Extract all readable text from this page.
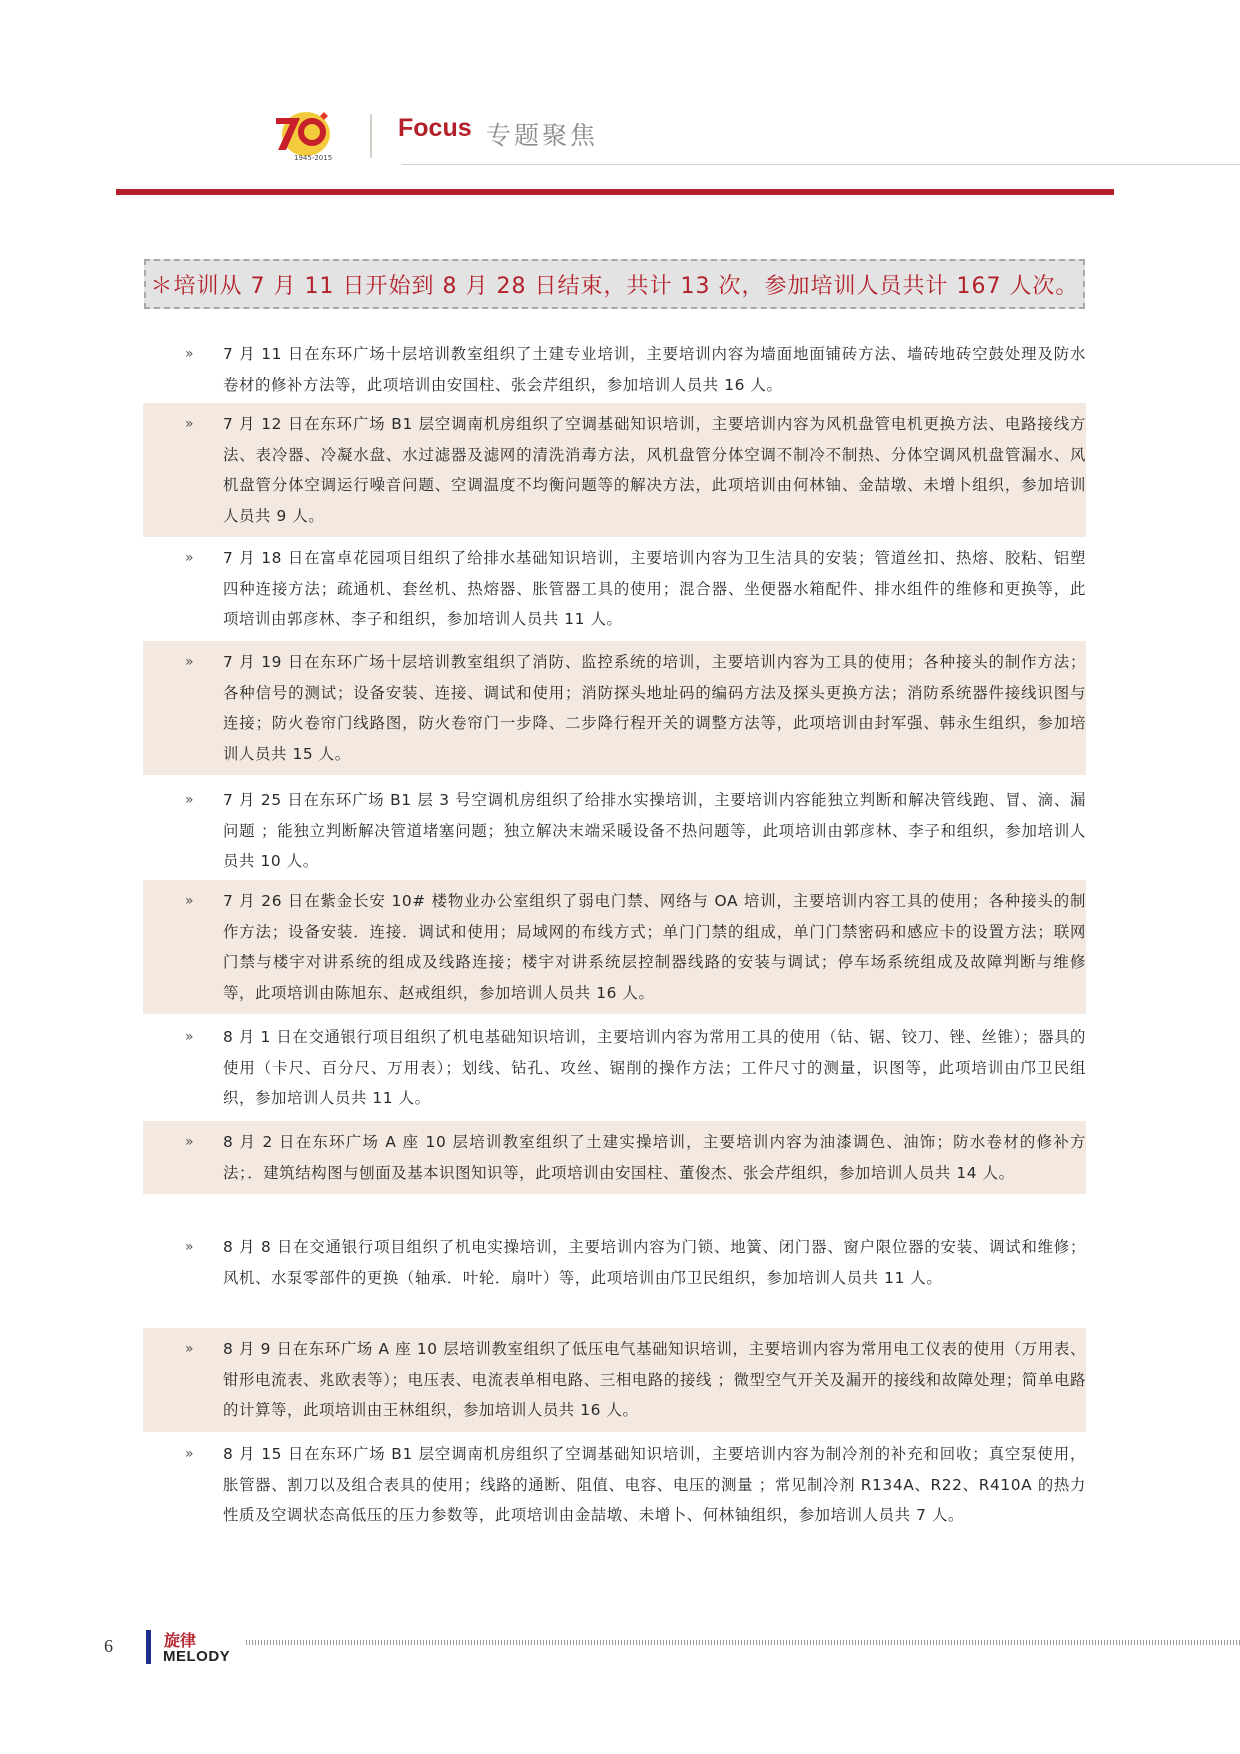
1945-2015
Focus 专题聚焦
＊培训从 7 月 11 日开始到 8 月 28 日结束，共计 13 次，参加培训人员共计 167 人次。
» 7 月 11 日在东环广场十层培训教室组织了土建专业培训，主要培训内容为墙面地面铺砖方法、墙砖地砖空鼓处理及防水卷材的修补方法等，此项培训由安国柱、张会芹组织，参加培训人员共 16 人。
» 7 月 12 日在东环广场 B1 层空调南机房组织了空调基础知识培训，主要培训内容为风机盘管电机更换方法、电路接线方法、表冷器、冷凝水盘、水过滤器及滤网的清洗消毒方法，风机盘管分体空调不制冷不制热、分体空调风机盘管漏水、风机盘管分体空调运行噪音问题、空调温度不均衡问题等的解决方法，此项培训由何林铀、金喆墩、未增卜组织，参加培训人员共 9 人。
» 7 月 18 日在富卓花园项目组织了给排水基础知识培训，主要培训内容为卫生洁具的安装；管道丝扣、热熔、胶粘、铝塑四种连接方法；疏通机、套丝机、热熔器、胀管器工具的使用；混合器、坐便器水箱配件、排水组件的维修和更换等，此项培训由郭彦林、李子和组织，参加培训人员共 11 人。
» 7 月 19 日在东环广场十层培训教室组织了消防、监控系统的培训，主要培训内容为工具的使用；各种接头的制作方法；各种信号的测试；设备安装、连接、调试和使用；消防探头地址码的编码方法及探头更换方法；消防系统器件接线识图与连接；防火卷帘门线路图，防火卷帘门一步降、二步降行程开关的调整方法等，此项培训由封军强、韩永生组织，参加培训人员共 15 人。
» 7 月 25 日在东环广场 B1 层 3 号空调机房组织了给排水实操培训，主要培训内容能独立判断和解决管线跑、冒、滴、漏问题 ；能独立判断解决管道堵塞问题；独立解决末端采暖设备不热问题等，此项培训由郭彦林、李子和组织，参加培训人员共 10 人。
» 7 月 26 日在紫金长安 10# 楼物业办公室组织了弱电门禁、网络与 OA 培训，主要培训内容工具的使用；各种接头的制作方法；设备安装．连接．调试和使用；局域网的布线方式；单门门禁的组成，单门门禁密码和感应卡的设置方法；联网门禁与楼宇对讲系统的组成及线路连接；楼宇对讲系统层控制器线路的安装与调试；停车场系统组成及故障判断与维修等，此项培训由陈旭东、赵戒组织，参加培训人员共 16 人。
» 8 月 1 日在交通银行项目组织了机电基础知识培训，主要培训内容为常用工具的使用（钻、锯、铰刀、锉、丝锥）；器具的使用（卡尺、百分尺、万用表）；划线、钻孔、攻丝、锯削的操作方法；工件尺寸的测量，识图等，此项培训由邝卫民组织，参加培训人员共 11 人。
» 8 月 2 日在东环广场 A 座 10 层培训教室组织了土建实操培训，主要培训内容为油漆调色、油饰；防水卷材的修补方法；．建筑结构图与刨面及基本识图知识等，此项培训由安国柱、董俊杰、张会芹组织，参加培训人员共 14 人。
» 8 月 8 日在交通银行项目组织了机电实操培训，主要培训内容为门锁、地簧、闭门器、窗户限位器的安装、调试和维修；风机、水泵零部件的更换（轴承．叶轮．扇叶）等，此项培训由邝卫民组织，参加培训人员共 11 人。
» 8 月 9 日在东环广场 A 座 10 层培训教室组织了低压电气基础知识培训，主要培训内容为常用电工仪表的使用（万用表、钳形电流表、兆欧表等）；电压表、电流表单相电路、三相电路的接线 ；微型空气开关及漏开的接线和故障处理；简单电路的计算等，此项培训由王林组织，参加培训人员共 16 人。
» 8 月 15 日在东环广场 B1 层空调南机房组织了空调基础知识培训，主要培训内容为制冷剂的补充和回收；真空泵使用，胀管器、割刀以及组合表具的使用；线路的通断、阻值、电容、电压的测量 ；常见制冷剂 R134A、R22、R410A 的热力性质及空调状态高低压的压力参数等，此项培训由金喆墩、未增卜、何林铀组织，参加培训人员共 7 人。
6	旋律
MELODY
